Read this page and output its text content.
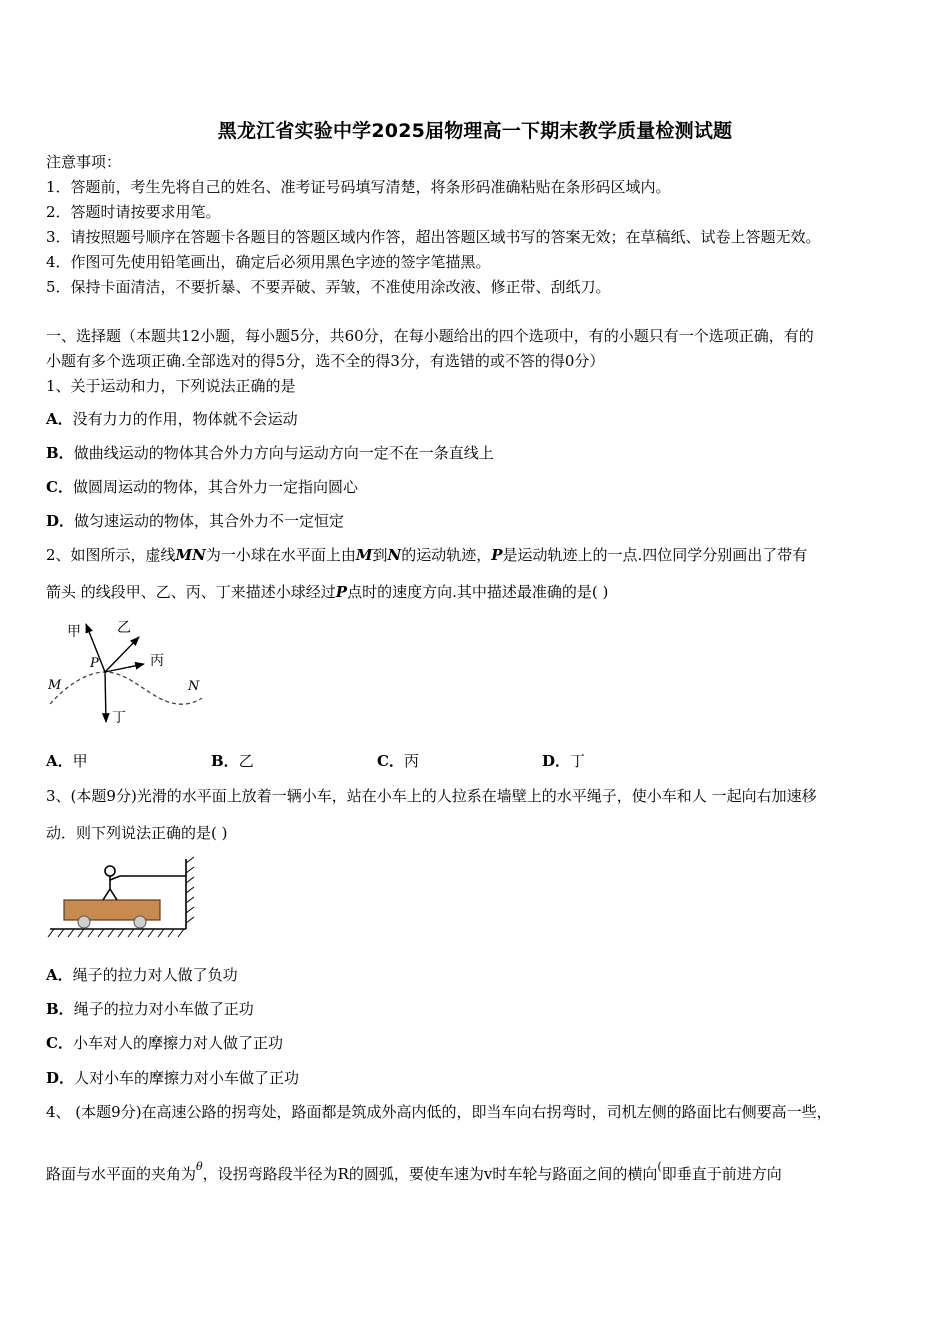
黑龙江省实验中学2025届物理高一下期末教学质量检测试题
注意事项：
1．答题前，考生先将自己的姓名、准考证号码填写清楚，将条形码准确粘贴在条形码区域内。
2．答题时请按要求用笔。
3．请按照题号顺序在答题卡各题目的答题区域内作答，超出答题区域书写的答案无效；在草稿纸、试卷上答题无效。
4．作图可先使用铅笔画出，确定后必须用黑色字迹的签字笔描黑。
5．保持卡面清洁，不要折暴、不要弄破、弄皱，不准使用涂改液、修正带、刮纸刀。
一、选择题（本题共12小题，每小题5分，共60分，在每小题给出的四个选项中，有的小题只有一个选项正确，有的
小题有多个选项正确.全部选对的得5分，选不全的得3分，有选错的或不答的得0分）
1、关于运动和力，下列说法正确的是
A．没有力力的作用，物体就不会运动
B．做曲线运动的物体其合外力方向与运动方向一定不在一条直线上
C．做圆周运动的物体，其合外力一定指向圆心
D．做匀速运动的物体，其合外力不一定恒定
2、如图所示，虚线MN为一小球在水平面上由M到N的运动轨迹，P是运动轨迹上的一点.四位同学分别画出了带有
箭头 的线段甲、乙、丙、丁来描述小球经过P点时的速度方向.其中描述最准确的是( )
甲	乙
丙
丁
P
M	N
A．甲	B．乙	C．丙	D．丁
3、(本题9分)光滑的水平面上放着一辆小车，站在小车上的人拉系在墙壁上的水平绳子，使小车和人 一起向右加速移
动．则下列说法正确的是( )
A．绳子的拉力对人做了负功
B．绳子的拉力对小车做了正功
C．小车对人的摩擦力对人做了正功
D．人对小车的摩擦力对小车做了正功
4、 (本题9分)在高速公路的拐弯处，路面都是筑成外高内低的，即当车向右拐弯时，司机左侧的路面比右侧要高一些，
路面与水平面的夹角为$^\theta$，设拐弯路段半径为R的圆弧，要使车速为v时车轮与路面之间的横向(即垂直于前进方向
